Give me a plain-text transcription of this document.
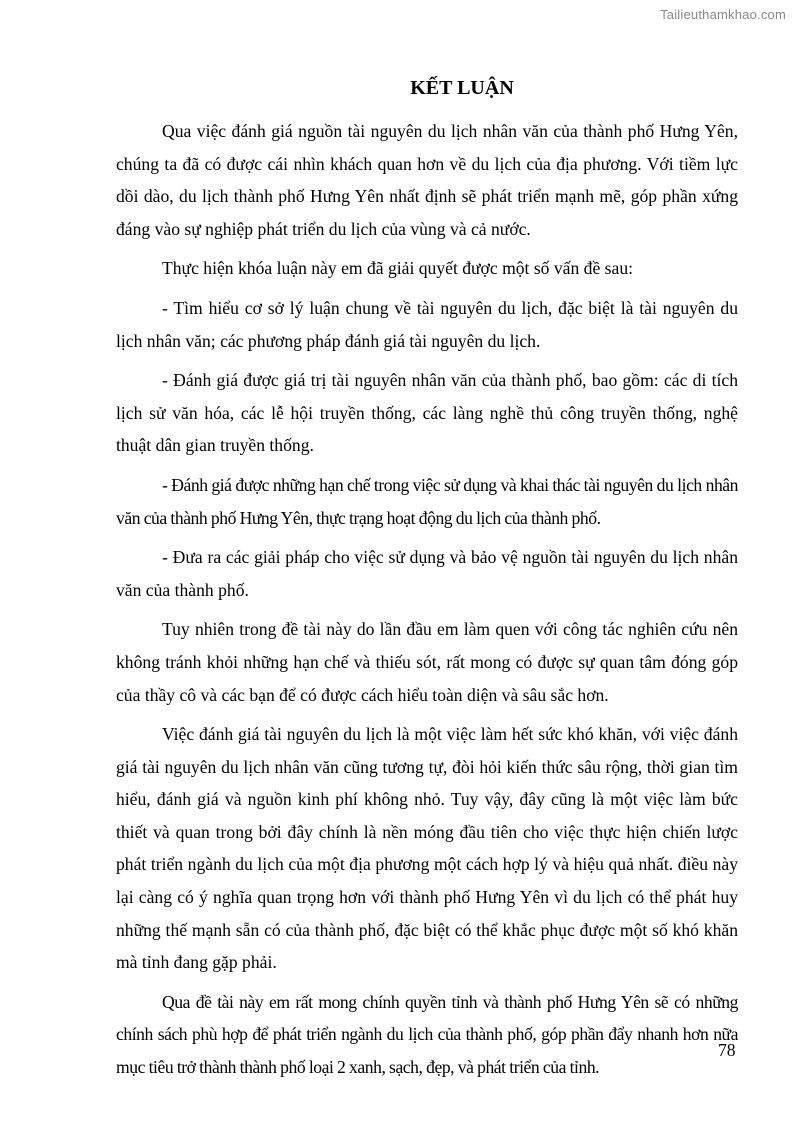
Tailieuthamkhao.com
KẾT LUẬN

Qua việc đánh giá nguồn tài nguyên du lịch nhân văn của thành phố Hưng Yên, chúng ta đã có được cái nhìn khách quan hơn về du lịch của địa phương. Với tiềm lực dồi dào, du lịch thành phố Hưng Yên nhất định sẽ phát triển mạnh mẽ, góp phần xứng đáng vào sự nghiệp phát triển du lịch của vùng và cả nước.

Thực hiện khóa luận này em đã giải quyết được một số vấn đề sau:

- Tìm hiểu cơ sở lý luận chung về tài nguyên du lịch, đặc biệt là tài nguyên du lịch nhân văn; các phương pháp đánh giá tài nguyên du lịch.

- Đánh giá được giá trị tài nguyên nhân văn của thành phố, bao gồm: các di tích lịch sử văn hóa, các lễ hội truyền thống, các làng nghề thủ công truyền thống, nghệ thuật dân gian truyền thống.

- Đánh giá được những hạn chế trong việc sử dụng và khai thác tài nguyên du lịch nhân văn của thành phố Hưng Yên, thực trạng hoạt động du lịch của thành phố.

- Đưa ra các giải pháp cho việc sử dụng và bảo vệ nguồn tài nguyên du lịch nhân văn của thành phố.

Tuy nhiên trong đề tài này do lần đầu em làm quen với công tác nghiên cứu nên không tránh khỏi những hạn chế và thiếu sót, rất mong có được sự quan tâm đóng góp của thầy cô và các bạn để có được cách hiểu toàn diện và sâu sắc hơn.

Việc đánh giá tài nguyên du lịch là một việc làm hết sức khó khăn, với việc đánh giá tài nguyên du lịch nhân văn cũng tương tự, đòi hỏi kiến thức sâu rộng, thời gian tìm hiểu, đánh giá và nguồn kinh phí không nhỏ. Tuy vậy, đây cũng là một việc làm bức thiết và quan trong bởi đây chính là nền móng đầu tiên cho việc thực hiện chiến lược phát triển ngành du lịch của một địa phương một cách hợp lý và hiệu quả nhất. điều này lại càng có ý nghĩa quan trọng hơn với thành phố Hưng Yên vì du lịch có thể phát huy những thế mạnh sẵn có của thành phố, đặc biệt có thể khắc phục được một số khó khăn mà tỉnh đang gặp phải.

Qua đề tài này em rất mong chính quyền tỉnh và thành phố Hưng Yên sẽ có những chính sách phù hợp để phát triển ngành du lịch của thành phố, góp phần đẩy nhanh hơn nữa mục tiêu trở thành thành phố loại 2 xanh, sạch, đẹp, và phát triển của tỉnh.

78
